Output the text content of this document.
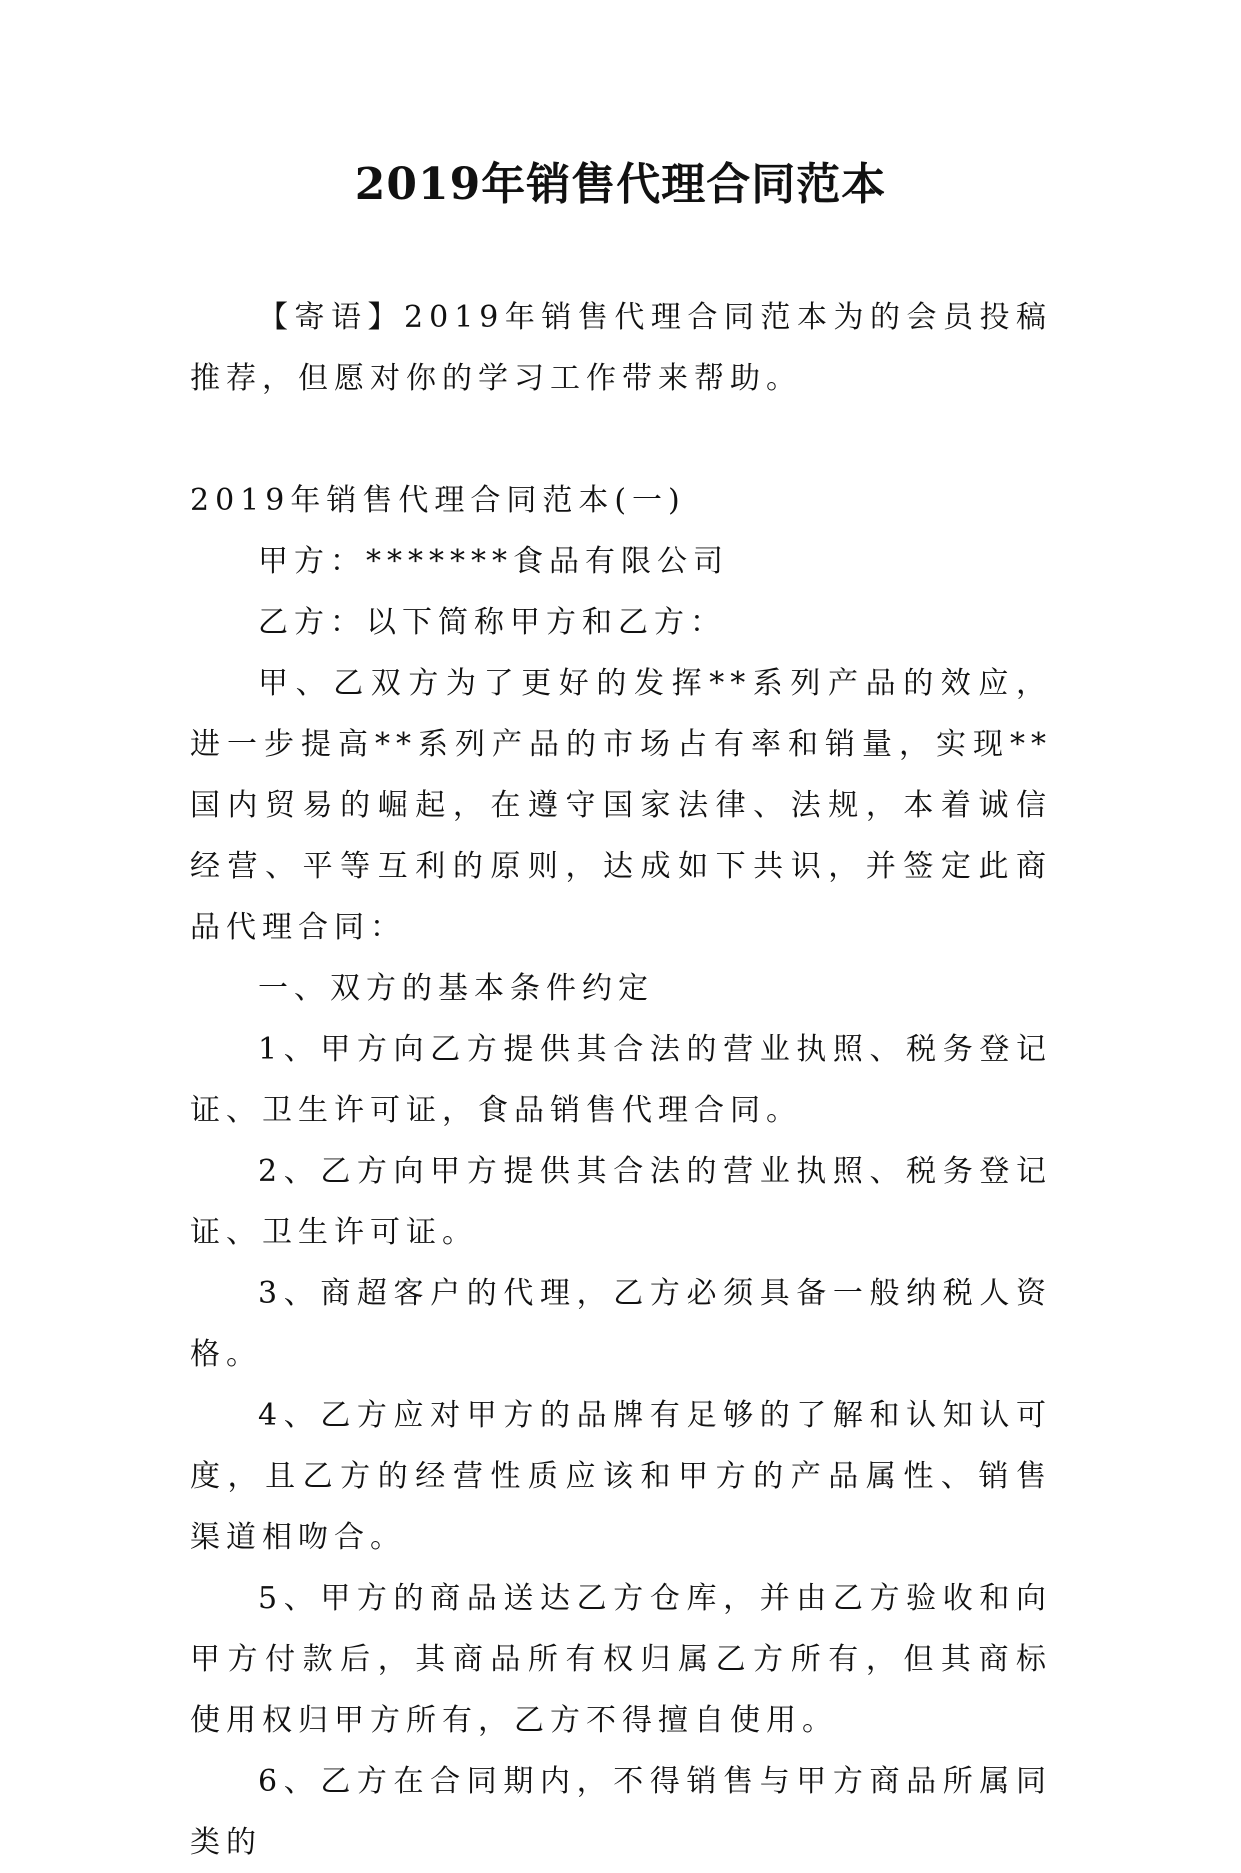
2019年销售代理合同范本

【寄语】2019年销售代理合同范本为的会员投稿推荐，但愿对你的学习工作带来帮助。

2019年销售代理合同范本(一)

甲方：*******食品有限公司

乙方：以下简称甲方和乙方：

甲、乙双方为了更好的发挥**系列产品的效应，进一步提高**系列产品的市场占有率和销量，实现**国内贸易的崛起，在遵守国家法律、法规，本着诚信经营、平等互利的原则，达成如下共识，并签定此商品代理合同：

一、双方的基本条件约定

1、甲方向乙方提供其合法的营业执照、税务登记证、卫生许可证，食品销售代理合同。

2、乙方向甲方提供其合法的营业执照、税务登记证、卫生许可证。

3、商超客户的代理，乙方必须具备一般纳税人资格。

4、乙方应对甲方的品牌有足够的了解和认知认可度，且乙方的经营性质应该和甲方的产品属性、销售渠道相吻合。

5、甲方的商品送达乙方仓库，并由乙方验收和向甲方付款后，其商品所有权归属乙方所有，但其商标使用权归甲方所有，乙方不得擅自使用。

6、乙方在合同期内，不得销售与甲方商品所属同类的
